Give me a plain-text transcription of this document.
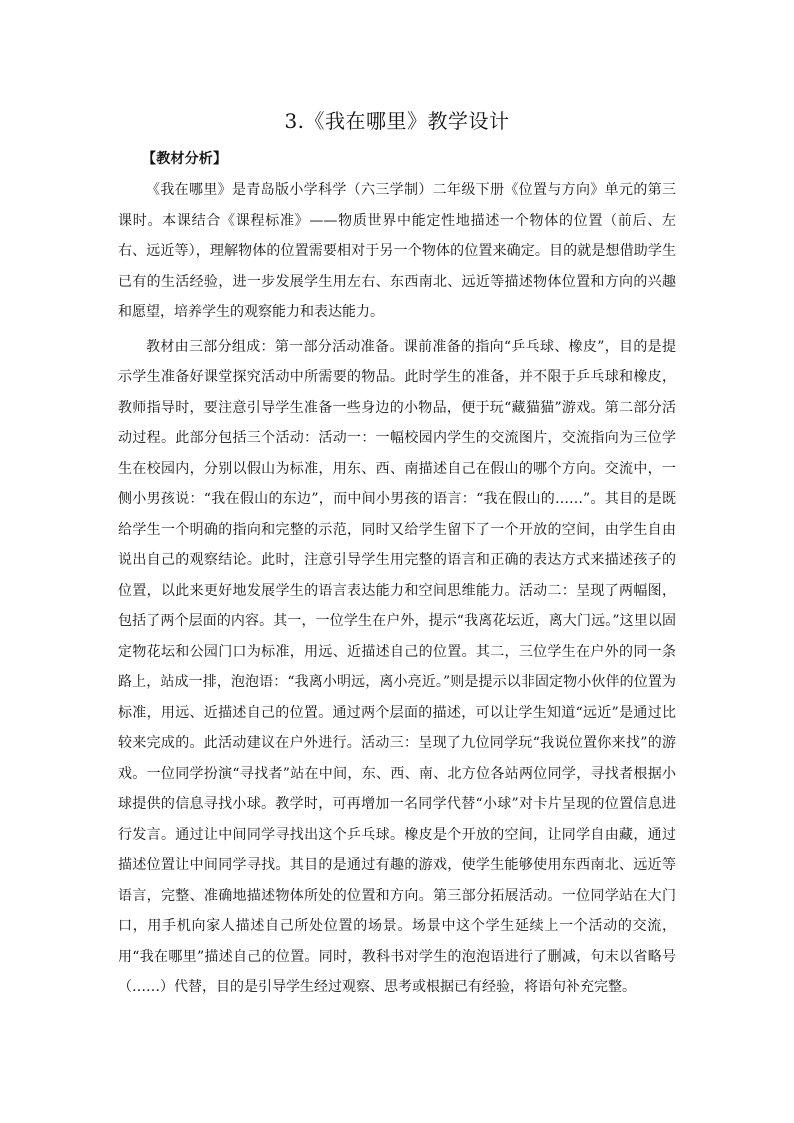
3.《我在哪里》教学设计
【教材分析】

《我在哪里》是青岛版小学科学（六三学制）二年级下册《位置与方向》单元的第三课时。本课结合《课程标准》——物质世界中能定性地描述一个物体的位置（前后、左右、远近等），理解物体的位置需要相对于另一个物体的位置来确定。目的就是想借助学生已有的生活经验，进一步发展学生用左右、东西南北、远近等描述物体位置和方向的兴趣和愿望，培养学生的观察能力和表达能力。

教材由三部分组成：第一部分活动准备。课前准备的指向“乒乓球、橡皮”，目的是提示学生准备好课堂探究活动中所需要的物品。此时学生的准备，并不限于乒乓球和橡皮，教师指导时，要注意引导学生准备一些身边的小物品，便于玩“藏猫猫”游戏。第二部分活动过程。此部分包括三个活动：活动一：一幅校园内学生的交流图片，交流指向为三位学生在校园内，分别以假山为标准，用东、西、南描述自己在假山的哪个方向。交流中，一侧小男孩说：“我在假山的东边”，而中间小男孩的语言：“我在假山的……”。其目的是既给学生一个明确的指向和完整的示范，同时又给学生留下了一个开放的空间，由学生自由说出自己的观察结论。此时，注意引导学生用完整的语言和正确的表达方式来描述孩子的位置，以此来更好地发展学生的语言表达能力和空间思维能力。活动二：呈现了两幅图，包括了两个层面的内容。其一，一位学生在户外，提示“我离花坛近，离大门远。”这里以固定物花坛和公园门口为标准，用远、近描述自己的位置。其二，三位学生在户外的同一条路上，站成一排，泡泡语：“我离小明远，离小亮近。”则是提示以非固定物小伙伴的位置为标准，用远、近描述自己的位置。通过两个层面的描述，可以让学生知道“远近”是通过比较来完成的。此活动建议在户外进行。活动三：呈现了九位同学玩“我说位置你来找”的游戏。一位同学扮演“寻找者”站在中间，东、西、南、北方位各站两位同学，寻找者根据小球提供的信息寻找小球。教学时，可再增加一名同学代替“小球”对卡片呈现的位置信息进行发言。通过让中间同学寻找出这个乒乓球。橡皮是个开放的空间，让同学自由藏，通过描述位置让中间同学寻找。其目的是通过有趣的游戏，使学生能够使用东西南北、远近等语言，完整、准确地描述物体所处的位置和方向。第三部分拓展活动。一位同学站在大门口，用手机向家人描述自己所处位置的场景。场景中这个学生延续上一个活动的交流，用“我在哪里”描述自己的位置。同时，教科书对学生的泡泡语进行了删减，句末以省略号（……）代替，目的是引导学生经过观察、思考或根据已有经验，将语句补充完整。
